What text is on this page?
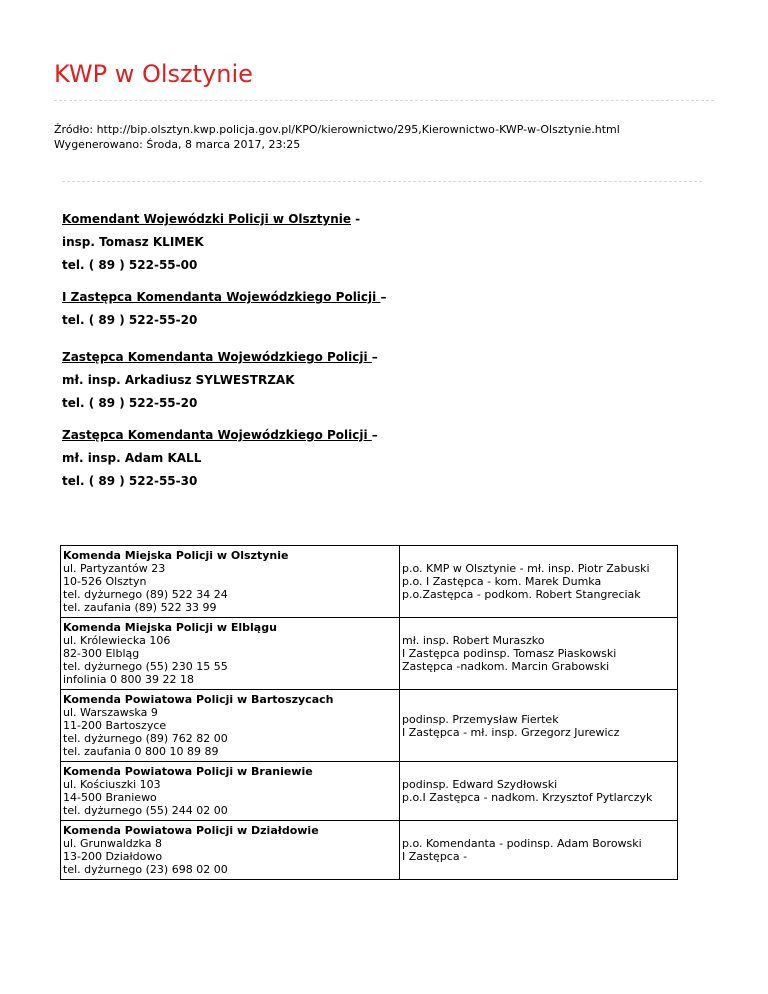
KWP w Olsztynie
Źródło: http://bip.olsztyn.kwp.policja.gov.pl/KPO/kierownictwo/295,Kierownictwo-KWP-w-Olsztynie.html
Wygenerowano: Środa, 8 marca 2017, 23:25
Komendant Wojewódzki Policji w Olsztynie -
insp. Tomasz KLIMEK
tel. ( 89 ) 522-55-00
I Zastępca Komendanta Wojewódzkiego Policji –
tel. ( 89 ) 522-55-20
Zastępca Komendanta Wojewódzkiego Policji –
mł. insp. Arkadiusz SYLWESTRZAK
tel. ( 89 ) 522-55-20
Zastępca Komendanta Wojewódzkiego Policji –
mł. insp. Adam KALL
tel. ( 89 ) 522-55-30
Komenda Miejska Policji w Olsztynie
ul. Partyzantów 23
10-526 Olsztyn
tel. dyżurnego (89) 522 34 24
tel. zaufania (89) 522 33 99	p.o. KMP w Olsztynie - mł. insp. Piotr Zabuski
p.o. I Zastępca - kom. Marek Dumka
p.o.Zastępca - podkom. Robert Stangreciak

Komenda Miejska Policji w Elblągu
ul. Królewiecka 106
82-300 Elbląg
tel. dyżurnego (55) 230 15 55
infolinia 0 800 39 22 18	mł. insp. Robert Muraszko
I Zastępca podinsp. Tomasz Piaskowski
Zastępca -nadkom. Marcin Grabowski

Komenda Powiatowa Policji w Bartoszycach
ul. Warszawska 9
11-200 Bartoszyce
tel. dyżurnego (89) 762 82 00
tel. zaufania 0 800 10 89 89	podinsp. Przemysław Fiertek
I Zastępca - mł. insp. Grzegorz Jurewicz

Komenda Powiatowa Policji w Braniewie
ul. Kościuszki 103
14-500 Braniewo
tel. dyżurnego (55) 244 02 00	podinsp. Edward Szydłowski
p.o.I Zastępca - nadkom. Krzysztof Pytlarczyk

Komenda Powiatowa Policji w Działdowie
ul. Grunwaldzka 8
13-200 Działdowo
tel. dyżurnego (23) 698 02 00	p.o. Komendanta - podinsp. Adam Borowski
I Zastępca -
